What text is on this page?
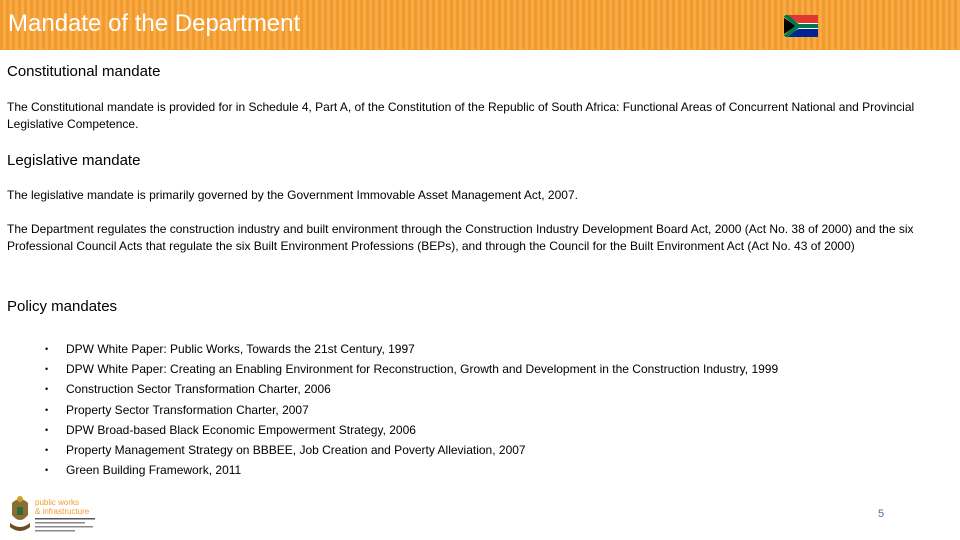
Mandate of the Department
Constitutional mandate
The Constitutional mandate is provided for in Schedule 4, Part A, of the Constitution of the Republic of South Africa: Functional Areas of Concurrent National and Provincial Legislative Competence.
Legislative mandate
The legislative mandate is primarily governed by the Government Immovable Asset Management Act, 2007.
The Department regulates the construction industry and built environment through the Construction Industry Development Board Act, 2000 (Act No. 38 of 2000) and the six Professional Council Acts that regulate the six Built Environment Professions (BEPs), and through the Council for the Built Environment Act (Act No. 43 of 2000)
Policy mandates
• DPW White Paper: Public Works, Towards the 21st Century, 1997
• DPW White Paper: Creating an Enabling Environment for Reconstruction, Growth and Development in the Construction Industry, 1999
• Construction Sector Transformation Charter, 2006
• Property Sector Transformation Charter, 2007
• DPW Broad-based Black Economic Empowerment Strategy, 2006
• Property Management Strategy on BBBEE, Job Creation and Poverty Alleviation, 2007
• Green Building Framework, 2011
public works
& infrastructure	5
